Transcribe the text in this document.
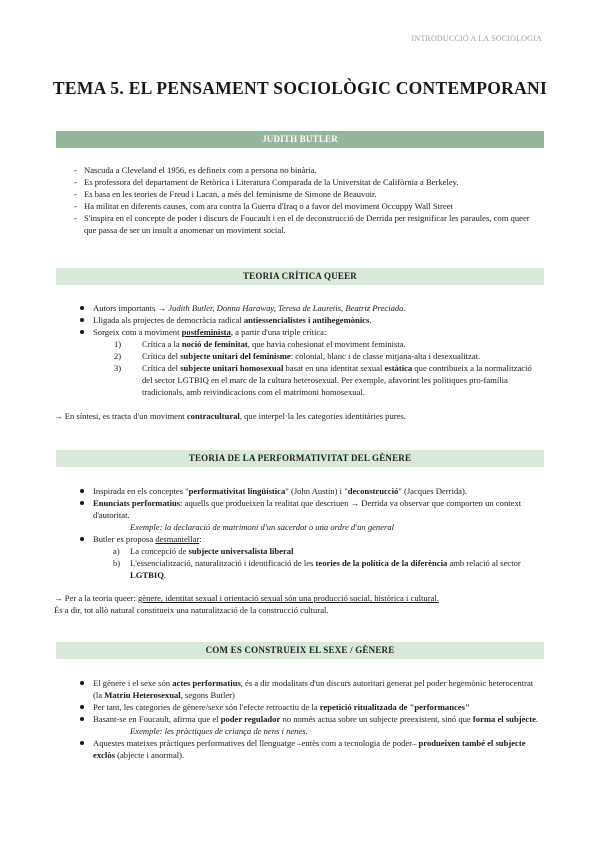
INTRODUCCIÓ A LA SOCIOLOGIA
TEMA 5. EL PENSAMENT SOCIOLÒGIC CONTEMPORANI
JUDITH BUTLER
- Nascuda a Cleveland el 1956, es defineix com a persona no binària.
- Es professora del departament de Retòrica i Literatura Comparada de la Universitat de Califòrnia a Berkeley.
- Es basa en les teories de Freud i Lacan, a més del feminisme de Simone de Beauvoir.
- Ha militat en diferents causes, com ara contra la Guerra d'Iraq o a favor del moviment Occuppy Wall Street
- S'inspira en el concepte de poder i discurs de Foucault i en el de deconstrucció de Derrida per resignificar les paraules, com queer que passa de ser un insult a anomenar un moviment social.
TEORIA CRÍTICA QUEER
Autors importants → Judith Butler, Donna Haraway, Teresa de Lauretis, Beatriz Preciado.
Lligada als projectes de democràcia radical antiessencialistes i antihegemònics.
Sorgeix com a moviment postfeminista, a partir d'una triple crítica:
1) Crítica a la noció de feminitat, que havia cohesionat el moviment feminista.
2) Crítica del subjecte unitari del feminisme: colonial, blanc i de classe mitjana-alta i desexualitzat.
3) Crítica del subjecte unitari homosexual basat en una identitat sexual estàtica que contribueix a la normalització del sector LGTBIQ en el marc de la cultura heterosexual. Per exemple, afavorint les polítiques pro-família tradicionals, amb reivindicacions com el matrimoni homosexual.

→ En síntesi, es tracta d'un moviment contracultural, que interpel·la les categories identitàries pures.

TEORIA DE LA PERFORMATIVITAT DEL GÈNERE
Inspirada en els conceptes "performativitat lingüística" (John Austin) i "deconstrucció" (Jacques Derrida).
Enunciats performatius: aquells que produeixen la realitat que descriuen → Derrida va observar que comporten un context d'autoritat.
Exemple: la declaració de matrimoni d'un sacerdot o una ordre d'un general
Butler es proposa desmantellar:
a) La concepció de subjecte universalista liberal
b) L'essencialització, naturalització i identificació de les teories de la política de la diferència amb relació al sector LGTBIQ.

→ Per a la teoria queer: gènere, identitat sexual i orientació sexual són una producció social, històrica i cultural.

És a dir, tot allò natural constitueix una naturalització de la construcció cultural.

COM ES CONSTRUEIX EL SEXE / GÈNERE
El gènere i el sexe són actes performatius, és a dir modalitats d'un discurs autoritari generat pel poder hegemònic heterocentrat (la Matriu Heterosexual, segons Butler)
Per tant, les categories de gènere/sexe són l'efecte retroactiu de la repetició ritualitzada de "performances"
Basant-se en Foucault, afirma que el poder regulador no només actua sobre un subjecte preexistent, sinó que forma el subjecte.
Exemple: les pràctiques de criança de nens i nenes.
Aquestes mateixes pràctiques performatives del llenguatge –entès com a tecnologia de poder– produeixen també el subjecte exclòs (abjecte i anormal).
